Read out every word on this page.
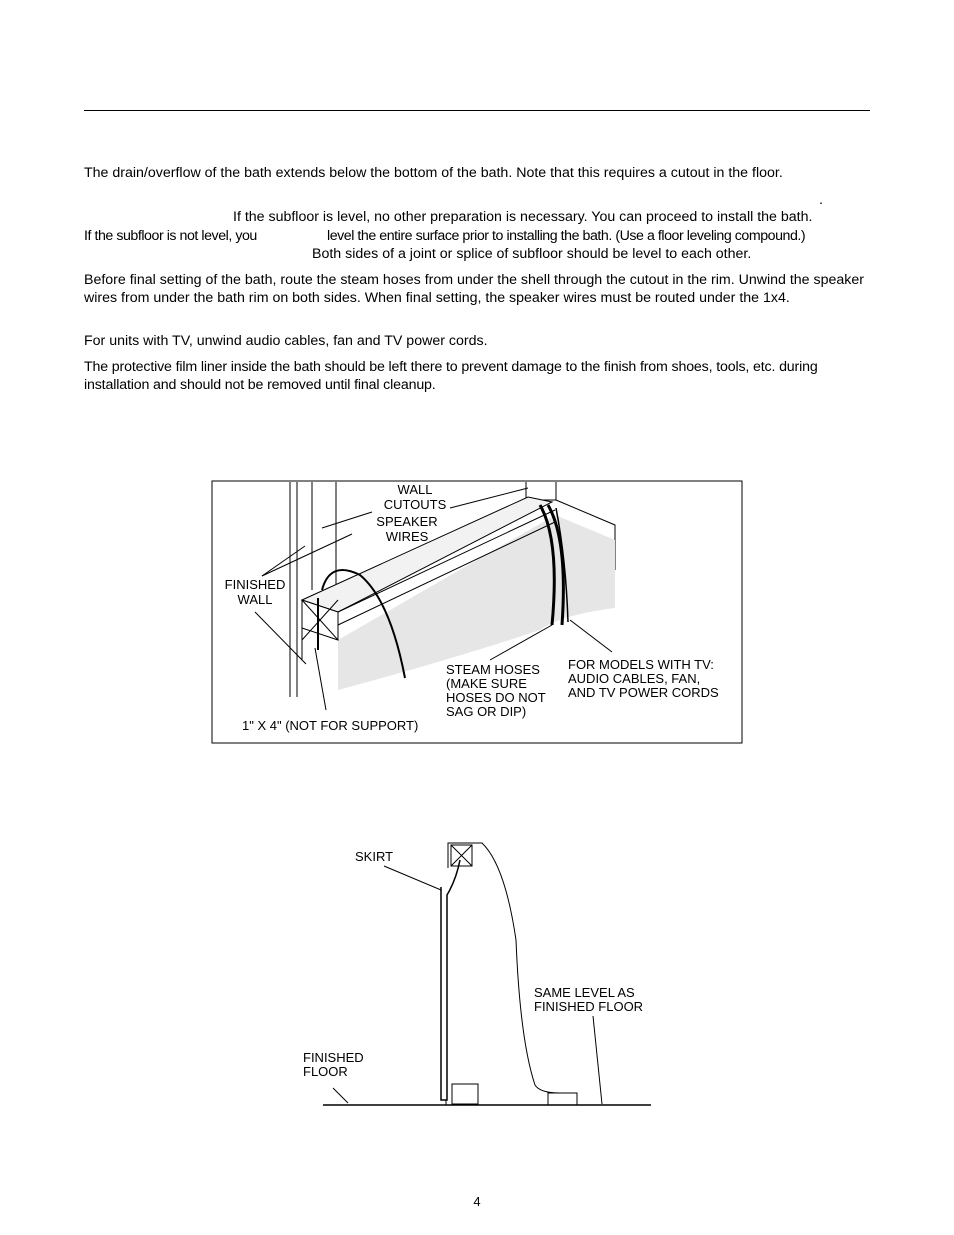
The drain/overflow of the bath extends below the bottom of the bath. Note that this requires a cutout in the floor.

.
If the subfloor is level, no other preparation is necessary. You can proceed to install the bath.
If the subfloor is not level, you	level the entire surface prior to installing the bath. (Use a floor leveling compound.)
Both sides of a joint or splice of subfloor should be level to each other.

Before final setting of the bath, route the steam hoses from under the shell through the cutout in the rim. Unwind the speaker wires from under the bath rim on both sides. When final setting, the speaker wires must be routed under the 1x4.

For units with TV, unwind audio cables, fan and TV power cords.

The protective film liner inside the bath should be left there to prevent damage to the finish from shoes, tools, etc. during installation and should not be removed until final cleanup.

WALL
CUTOUTS
SPEAKER
WIRES
FINISHED
WALL
STEAM HOSES
(MAKE SURE
HOSES DO NOT
SAG OR DIP)
FOR MODELS WITH TV:
AUDIO CABLES, FAN,
AND TV POWER CORDS
1" X 4" (NOT FOR SUPPORT)
SKIRT
SAME LEVEL AS
FINISHED FLOOR
FINISHED
FLOOR
4
